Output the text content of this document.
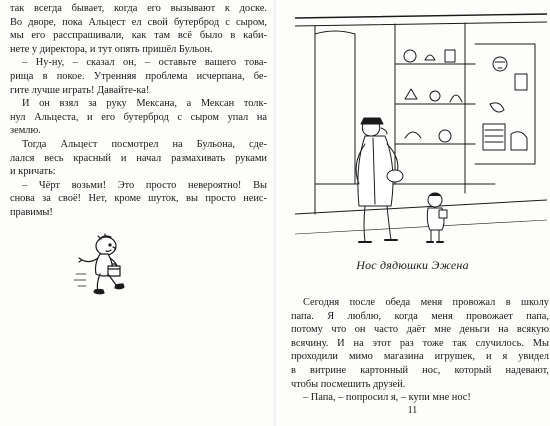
так всегда бывает, когда его вызывают к доске.
Во дворе, пока Альцест ел свой бутерброд с сыром,
мы его расспрашивали, как там всё было в каби-
нете у директора, и тут опять пришёл Бульон.
– Ну-ну, – сказал он, – оставьте вашего това-
рища в покое. Утренняя проблема исчерпана, бе-
гите лучше играть! Давайте-ка!
И он взял за руку Мексана, а Мексан толк-
нул Альцеста, и его бутерброд с сыром упал на
землю.
Тогда Альцест посмотрел на Бульона, сде-
лался весь красный и начал размахивать руками
и кричать:
– Чёрт возьми! Это просто невероятно! Вы
снова за своё! Нет, кроме шуток, вы просто неис-
правимы!
Нос дядюшки Эжена
Сегодня после обеда меня провожал в школу
папа. Я люблю, когда меня провожает папа,
потому что он часто даёт мне деньги на всякую
всячину. И на этот раз тоже так случилось. Мы
проходили мимо магазина игрушек, и я увидел
в витрине картонный нос, который надевают,
чтобы посмешить друзей.
– Папа, – попросил я, – купи мне нос!
11
